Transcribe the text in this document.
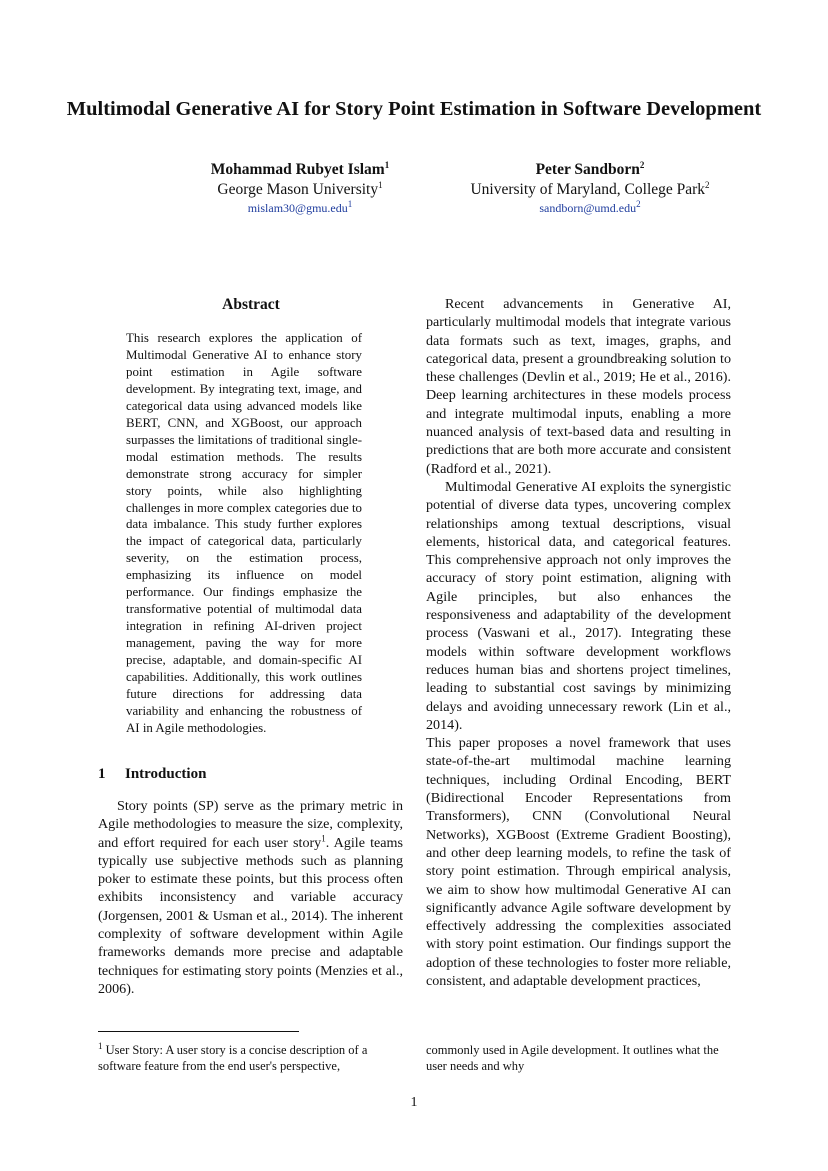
Multimodal Generative AI for Story Point Estimation in Software Development
Mohammad Rubyet Islam$^1$
George Mason University$^1$
mislam30@gmu.edu$^1$
Peter Sandborn$^2$
University of Maryland, College Park$^2$
sandborn@umd.edu$^2$
Abstract
This research explores the application of Multimodal Generative AI to enhance story point estimation in Agile software development. By integrating text, image, and categorical data using advanced models like BERT, CNN, and XGBoost, our approach surpasses the limitations of traditional single-modal estimation methods. The results demonstrate strong accuracy for simpler story points, while also highlighting challenges in more complex categories due to data imbalance. This study further explores the impact of categorical data, particularly severity, on the estimation process, emphasizing its influence on model performance. Our findings emphasize the transformative potential of multimodal data integration in refining AI-driven project management, paving the way for more precise, adaptable, and domain-specific AI capabilities. Additionally, this work outlines future directions for addressing data variability and enhancing the robustness of AI in Agile methodologies.
1 Introduction

Story points (SP) serve as the primary metric in Agile methodologies to measure the size, complexity, and effort required for each user story$^1$. Agile teams typically use subjective methods such as planning poker to estimate these points, but this process often exhibits inconsistency and variable accuracy (Jorgensen, 2001 & Usman et al., 2014). The inherent complexity of software development within Agile frameworks demands more precise and adaptable techniques for estimating story points (Menzies et al., 2006).

Recent advancements in Generative AI, particularly multimodal models that integrate various data formats such as text, images, graphs, and categorical data, present a groundbreaking solution to these challenges (Devlin et al., 2019; He et al., 2016). Deep learning architectures in these models process and integrate multimodal inputs, enabling a more nuanced analysis of text-based data and resulting in predictions that are both more accurate and consistent (Radford et al., 2021).

Multimodal Generative AI exploits the synergistic potential of diverse data types, uncovering complex relationships among textual descriptions, visual elements, historical data, and categorical features. This comprehensive approach not only improves the accuracy of story point estimation, aligning with Agile principles, but also enhances the responsiveness and adaptability of the development process (Vaswani et al., 2017). Integrating these models within software development workflows reduces human bias and shortens project timelines, leading to substantial cost savings by minimizing delays and avoiding unnecessary rework (Lin et al., 2014).

This paper proposes a novel framework that uses state-of-the-art multimodal machine learning techniques, including Ordinal Encoding, BERT (Bidirectional Encoder Representations from Transformers), CNN (Convolutional Neural Networks), XGBoost (Extreme Gradient Boosting), and other deep learning models, to refine the task of story point estimation. Through empirical analysis, we aim to show how multimodal Generative AI can significantly advance Agile software development by effectively addressing the complexities associated with story point estimation. Our findings support the adoption of these technologies to foster more reliable, consistent, and adaptable development practices,

$^1$ User Story: A user story is a concise description of a software feature from the end user's perspective,
commonly used in Agile development. It outlines what the user needs and why
1
